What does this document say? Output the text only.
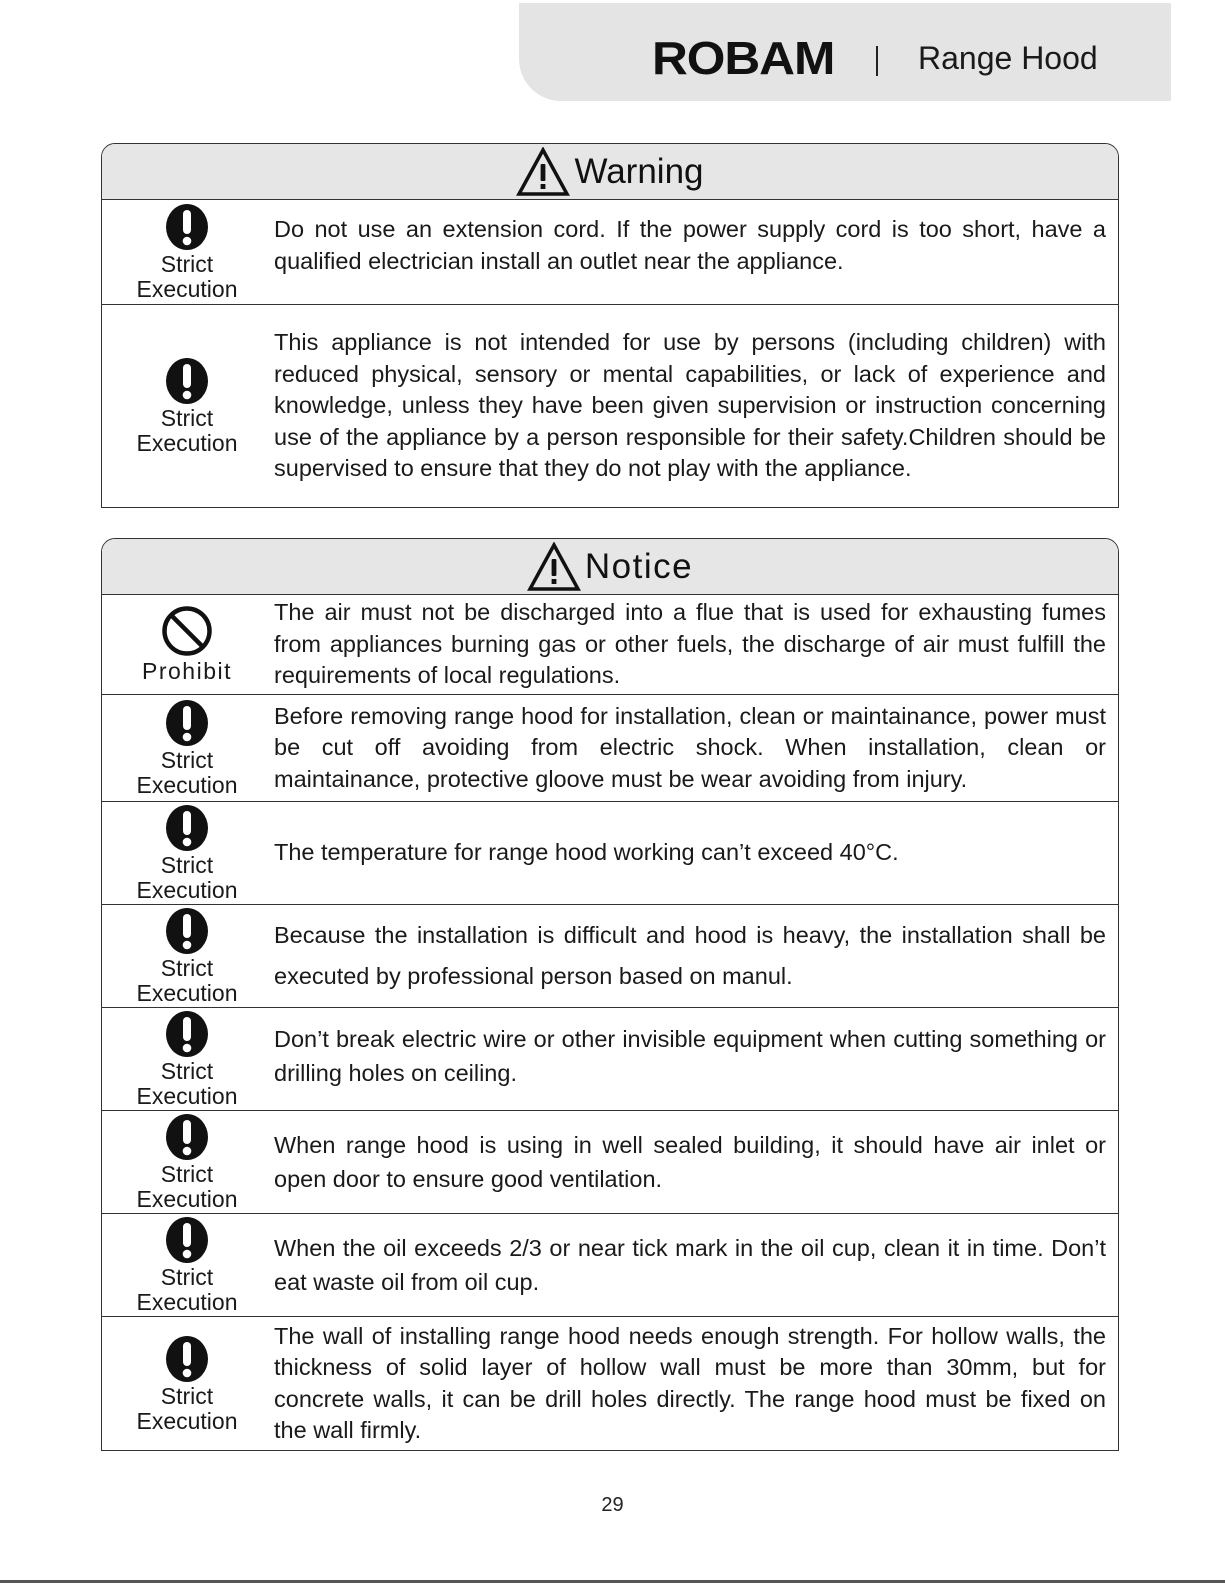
ROBAM	Range Hood
Warning
Strict
Execution
Do not use an extension cord. If the power supply cord is too short, have a qualified electrician install an outlet near the appliance.
Strict
Execution
This appliance is not intended for use by persons (including children) with reduced physical, sensory or mental capabilities, or lack of experience and knowledge, unless they have been given supervision or instruction concerning use of the appliance by a person responsible for their safety.Children should be supervised to ensure that they do not play with the appliance.
Notice
Prohibit
The air must not be discharged into a flue that is used for exhausting fumes from appliances burning gas or other fuels, the discharge of air must fulfill the requirements of local regulations.
Strict
Execution
Before removing range hood for installation, clean or maintainance, power must be cut off avoiding from electric shock. When installation, clean or maintainance, protective gloove must be wear avoiding from injury.
Strict
Execution
The temperature for range hood working can’t exceed 40°C.
Strict
Execution
Because the installation is difficult and hood is heavy, the installation shall be executed by professional person based on manul.
Strict
Execution
Don’t break electric wire or other invisible equipment when cutting something or drilling holes on ceiling.
Strict
Execution
When range hood is using in well sealed building, it should have air inlet or open door to ensure good ventilation.
Strict
Execution
When the oil exceeds 2/3 or near tick mark in the oil cup, clean it in time. Don’t eat waste oil from oil cup.
Strict
Execution
The wall of installing range hood needs enough strength. For hollow walls, the thickness of solid layer of hollow wall must be more than 30mm, but for concrete walls, it can be drill holes directly. The range hood must be fixed on the wall firmly.
29
